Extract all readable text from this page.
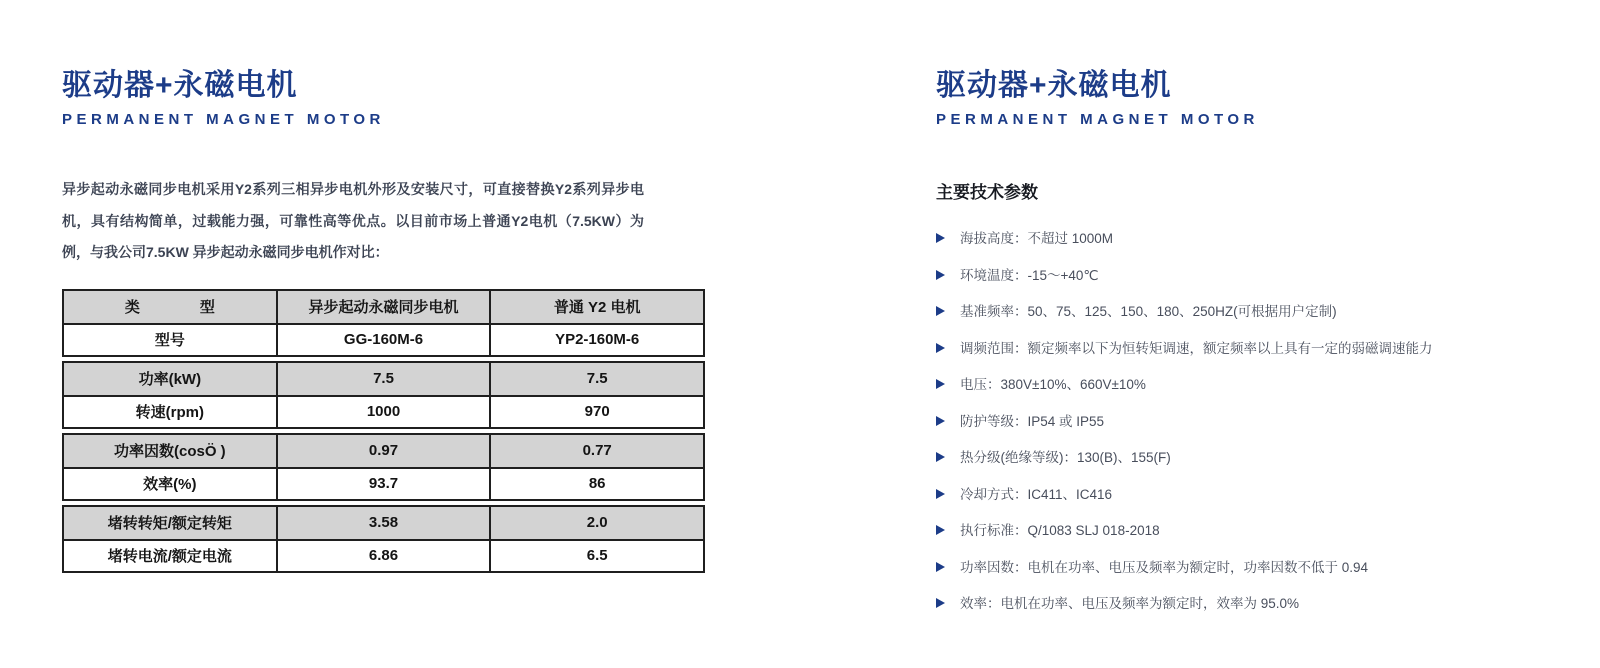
驱动器+永磁电机
PERMANENT MAGNET MOTOR
异步起动永磁同步电机采用Y2系列三相异步电机外形及安装尺寸，可直接替换Y2系列异步电机，具有结构简单，过载能力强，可靠性高等优点。以目前市场上普通Y2电机（7.5KW）为例，与我公司7.5KW 异步起动永磁同步电机作对比：
类　　　　型	异步起动永磁同步电机	普通 Y2 电机
型号	GG-160M-6	YP2-160M-6
功率(kW)	7.5	7.5
转速(rpm)	1000	970
功率因数(cosÖ )	0.97	0.77
效率(%)	93.7	86
堵转转矩/额定转矩	3.58	2.0
堵转电流/额定电流	6.86	6.5
驱动器+永磁电机
PERMANENT MAGNET MOTOR
主要技术参数
海拔高度：不超过 1000M
环境温度：-15～+40℃
基准频率：50、75、125、150、180、250HZ(可根据用户定制)
调频范围：额定频率以下为恒转矩调速，额定频率以上具有一定的弱磁调速能力
电压：380V±10%、660V±10%
防护等级：IP54 或 IP55
热分级(绝缘等级)：130(B)、155(F)
冷却方式：IC411、IC416
执行标准：Q/1083 SLJ 018-2018
功率因数：电机在功率、电压及频率为额定时，功率因数不低于 0.94
效率：电机在功率、电压及频率为额定时，效率为 95.0%
